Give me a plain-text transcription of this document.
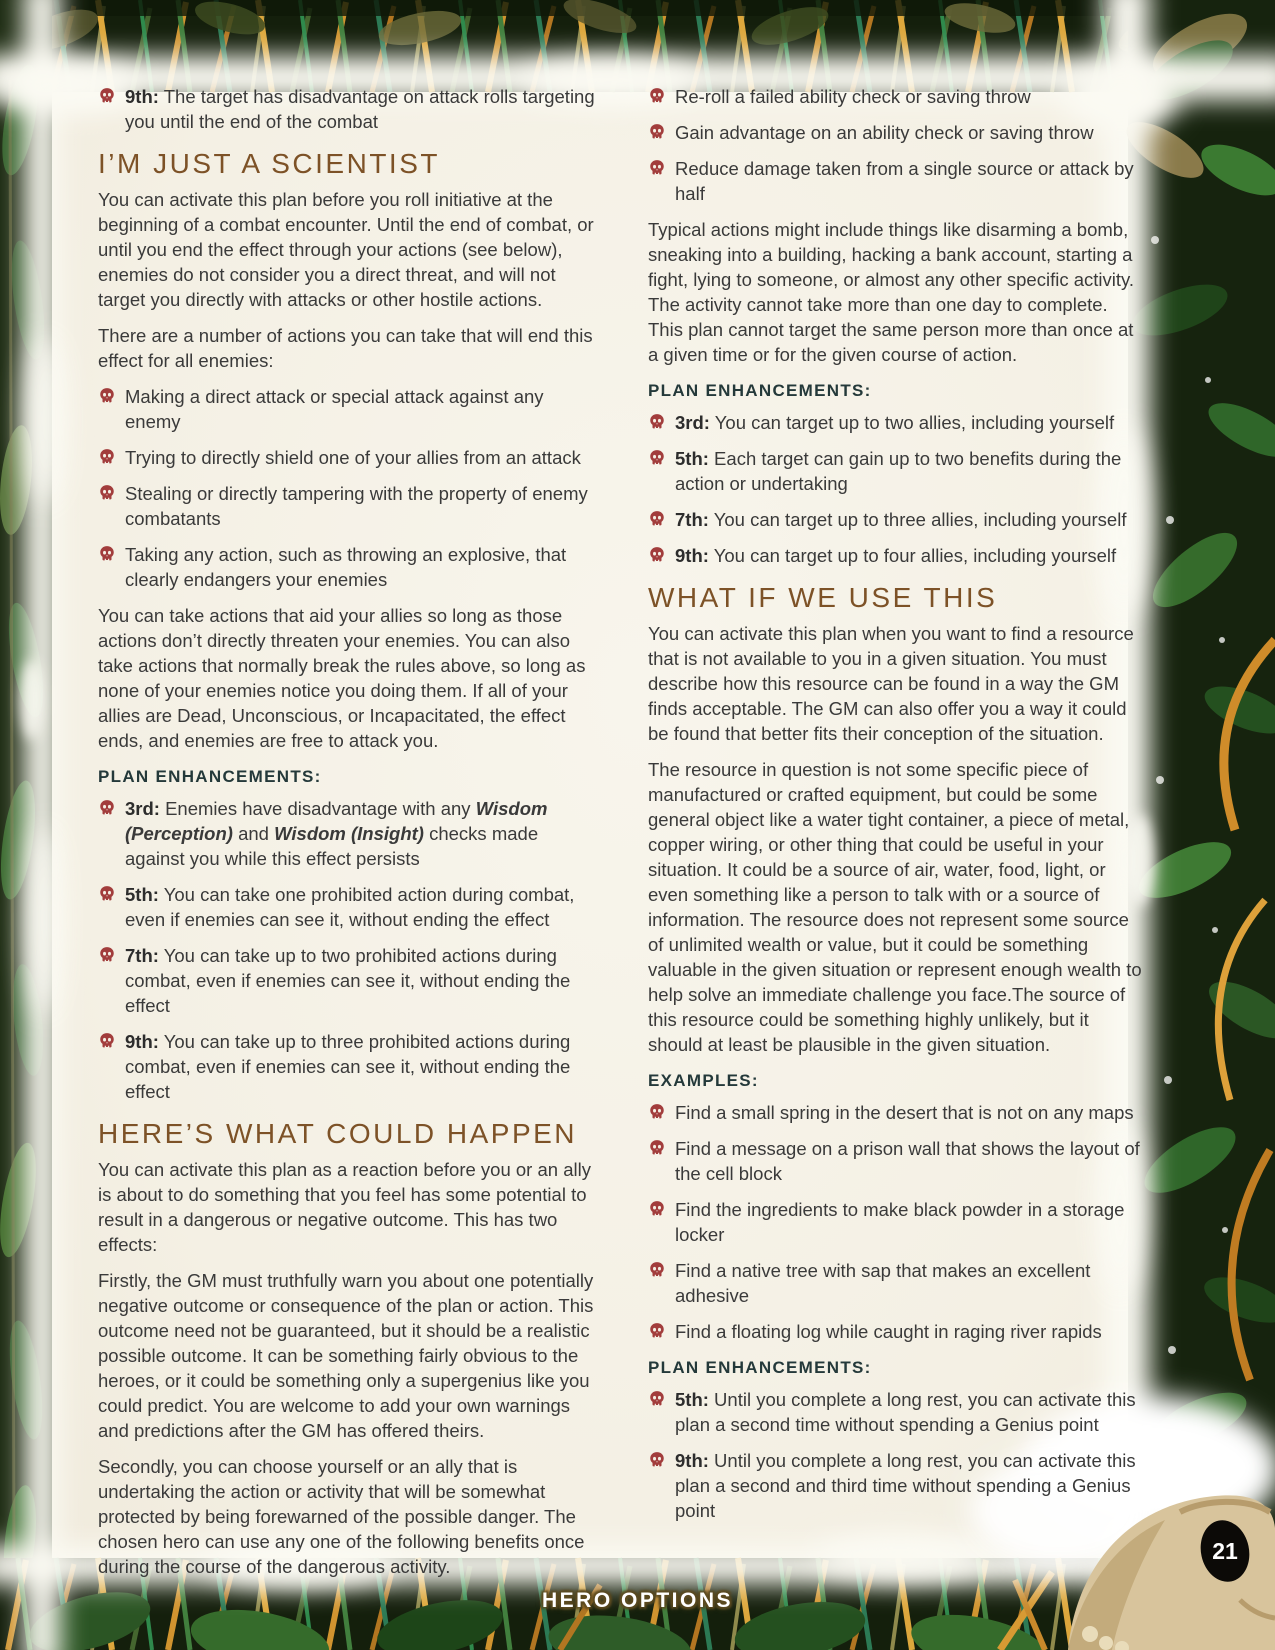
9th: The target has disadvantage on attack rolls targeting you until the end of the combat
I’M JUST A SCIENTIST

You can activate this plan before you roll initiative at the beginning of a combat encounter. Until the end of combat, or until you end the effect through your actions (see below), enemies do not consider you a direct threat, and will not target you directly with attacks or other hostile actions.

There are a number of actions you can take that will end this effect for all enemies:

Making a direct attack or special attack against any enemy
Trying to directly shield one of your allies from an attack
Stealing or directly tampering with the property of enemy combatants
Taking any action, such as throwing an explosive, that clearly endangers your enemies

You can take actions that aid your allies so long as those actions don’t directly threaten your enemies. You can also take actions that normally break the rules above, so long as none of your enemies notice you doing them. If all of your allies are Dead, Unconscious, or Incapacitated, the effect ends, and enemies are free to attack you.

PLAN ENHANCEMENTS:
3rd: Enemies have disadvantage with any Wisdom (Perception) and Wisdom (Insight) checks made against you while this effect persists
5th: You can take one prohibited action during combat, even if enemies can see it, without ending the effect
7th: You can take up to two prohibited actions during combat, even if enemies can see it, without ending the effect
9th: You can take up to three prohibited actions during combat, even if enemies can see it, without ending the effect
HERE’S WHAT COULD HAPPEN

You can activate this plan as a reaction before you or an ally is about to do something that you feel has some potential to result in a dangerous or negative outcome. This has two effects:

Firstly, the GM must truthfully warn you about one potentially negative outcome or consequence of the plan or action. This outcome need not be guaranteed, but it should be a realistic possible outcome. It can be something fairly obvious to the heroes, or it could be something only a supergenius like you could predict. You are welcome to add your own warnings and predictions after the GM has offered theirs.

Secondly, you can choose yourself or an ally that is undertaking the action or activity that will be somewhat protected by being forewarned of the possible danger. The chosen hero can use any one of the following benefits once during the course of the dangerous activity.

Re-roll a failed ability check or saving throw
Gain advantage on an ability check or saving throw
Reduce damage taken from a single source or attack by half

Typical actions might include things like disarming a bomb, sneaking into a building, hacking a bank account, starting a fight, lying to someone, or almost any other specific activity. The activity cannot take more than one day to complete. This plan cannot target the same person more than once at a given time or for the given course of action.

PLAN ENHANCEMENTS:
3rd: You can target up to two allies, including yourself
5th: Each target can gain up to two benefits during the action or undertaking
7th: You can target up to three allies, including yourself
9th: You can target up to four allies, including yourself
WHAT IF WE USE THIS

You can activate this plan when you want to find a resource that is not available to you in a given situation. You must describe how this resource can be found in a way the GM finds acceptable. The GM can also offer you a way it could be found that better fits their conception of the situation.

The resource in question is not some specific piece of manufactured or crafted equipment, but could be some general object like a water tight container, a piece of metal, copper wiring, or other thing that could be useful in your situation. It could be a source of air, water, food, light, or even something like a person to talk with or a source of information. The resource does not represent some source of unlimited wealth or value, but it could be something valuable in the given situation or represent enough wealth to help solve an immediate challenge you face.The source of this resource could be something highly unlikely, but it should at least be plausible in the given situation.

EXAMPLES:
Find a small spring in the desert that is not on any maps
Find a message on a prison wall that shows the layout of the cell block
Find the ingredients to make black powder in a storage locker
Find a native tree with sap that makes an excellent adhesive
Find a floating log while caught in raging river rapids
PLAN ENHANCEMENTS:
5th: Until you complete a long rest, you can activate this plan a second time without spending a Genius point
9th: Until you complete a long rest, you can activate this plan a second and third time without spending a Genius point
HERO OPTIONS
21
